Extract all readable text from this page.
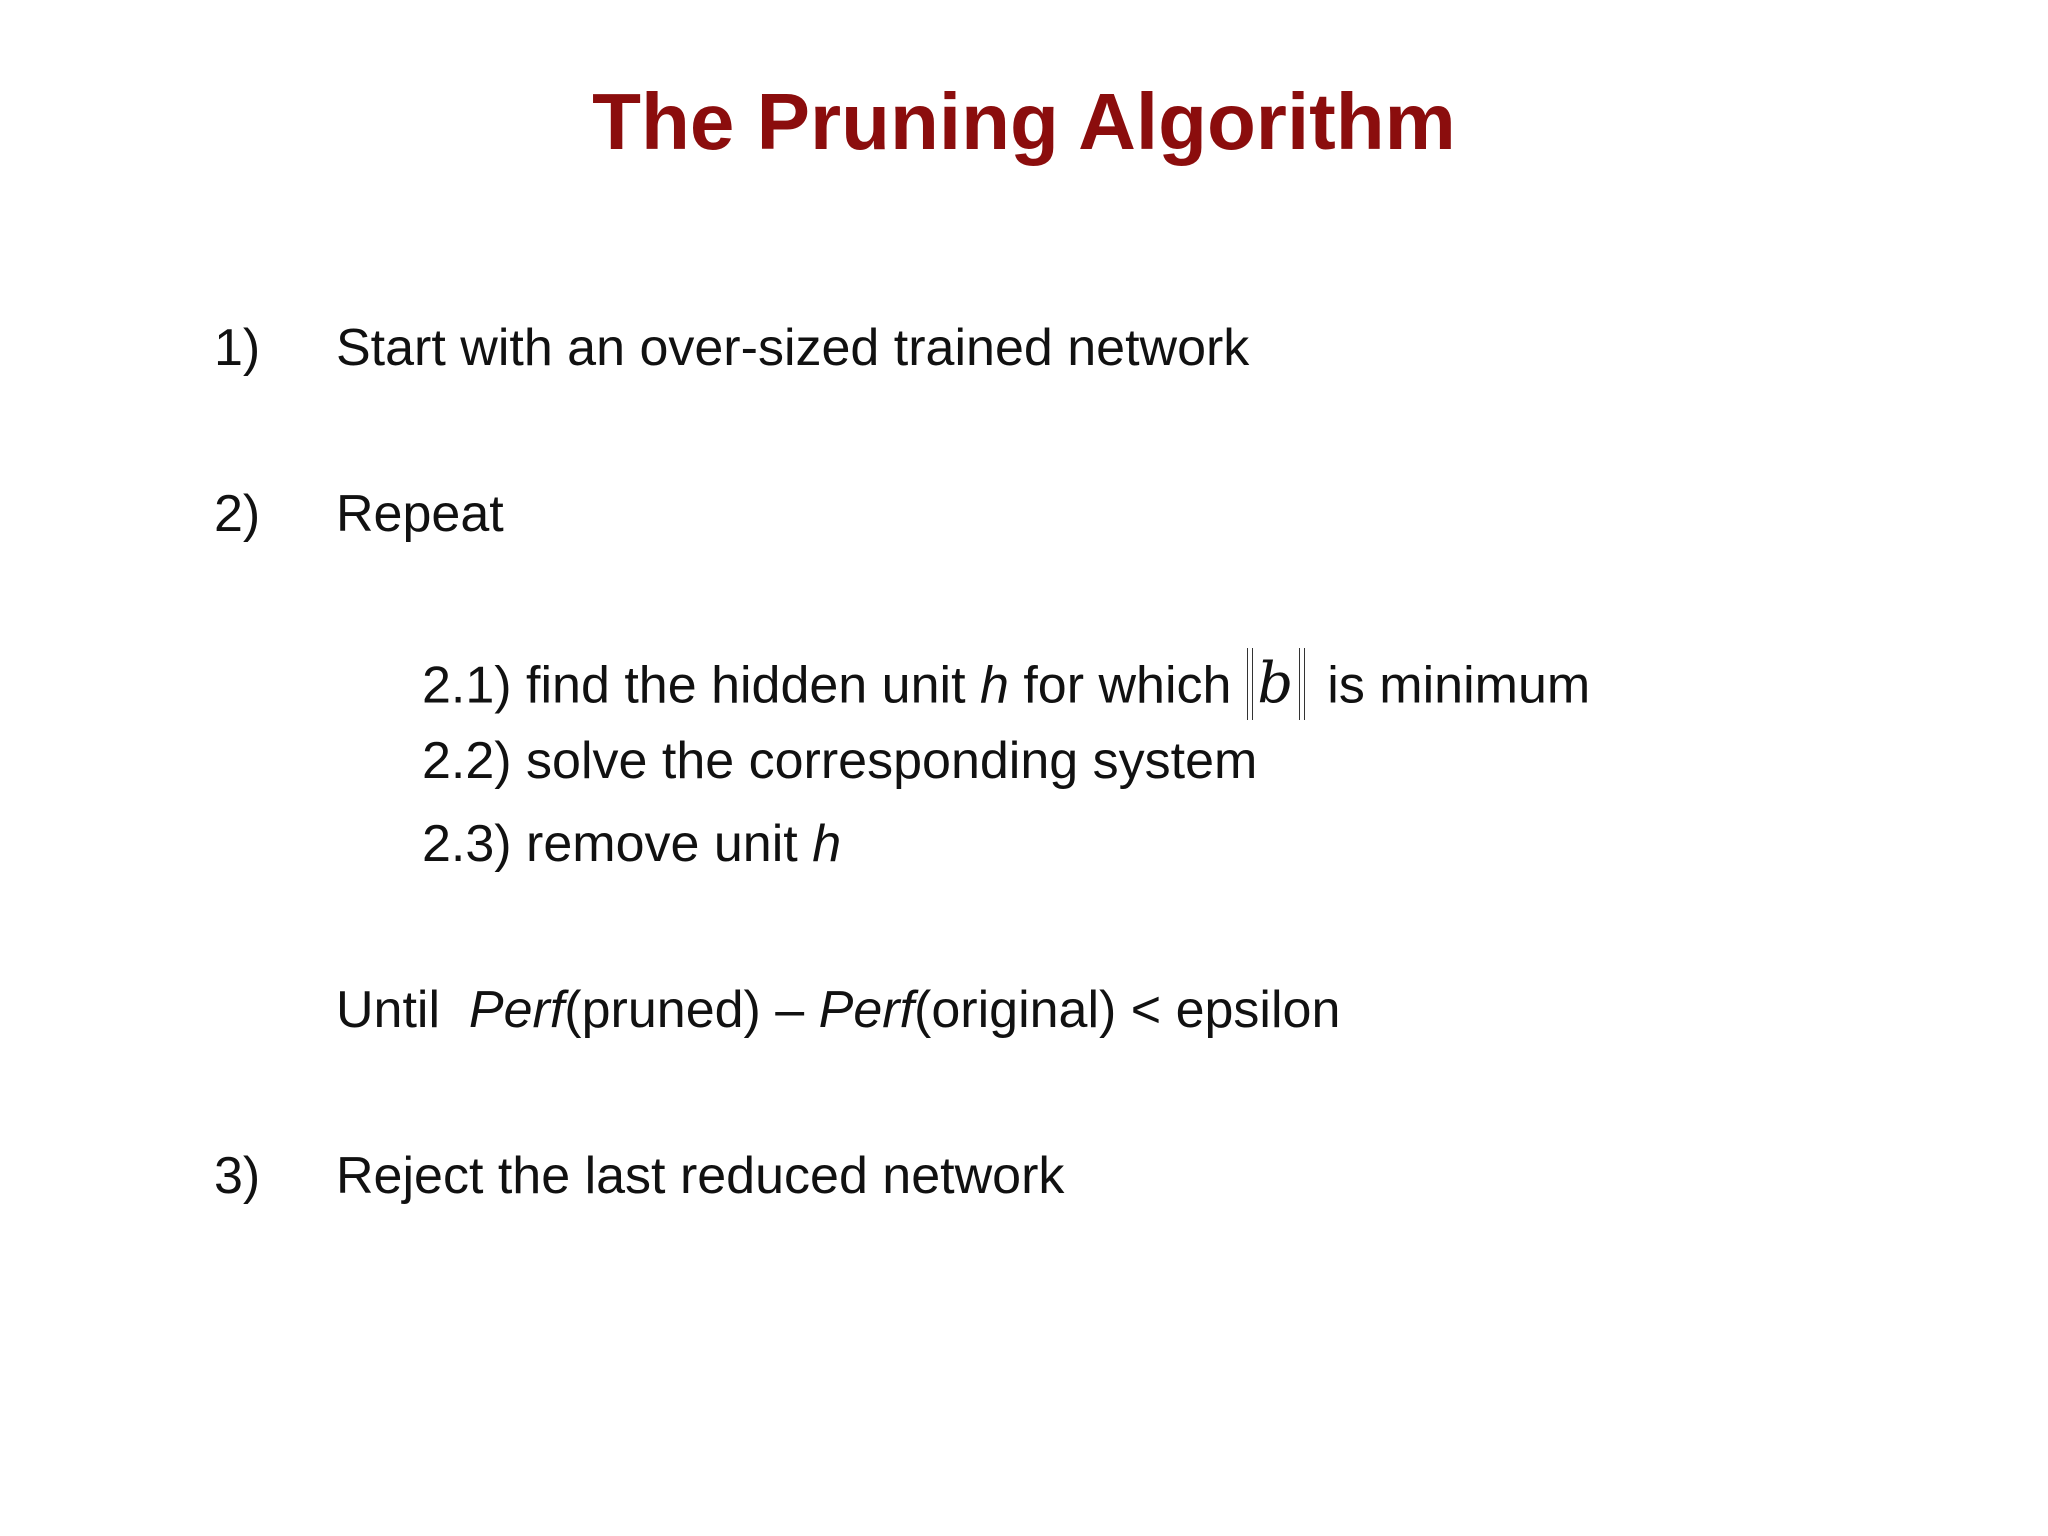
The Pruning Algorithm
1) Start with an over-sized trained network
2) Repeat
2.1) find the hidden unit h for which b is minimum
2.2) solve the corresponding system
2.3) remove unit h
Until  Perf(pruned) – Perf(original) < epsilon
3) Reject the last reduced network
